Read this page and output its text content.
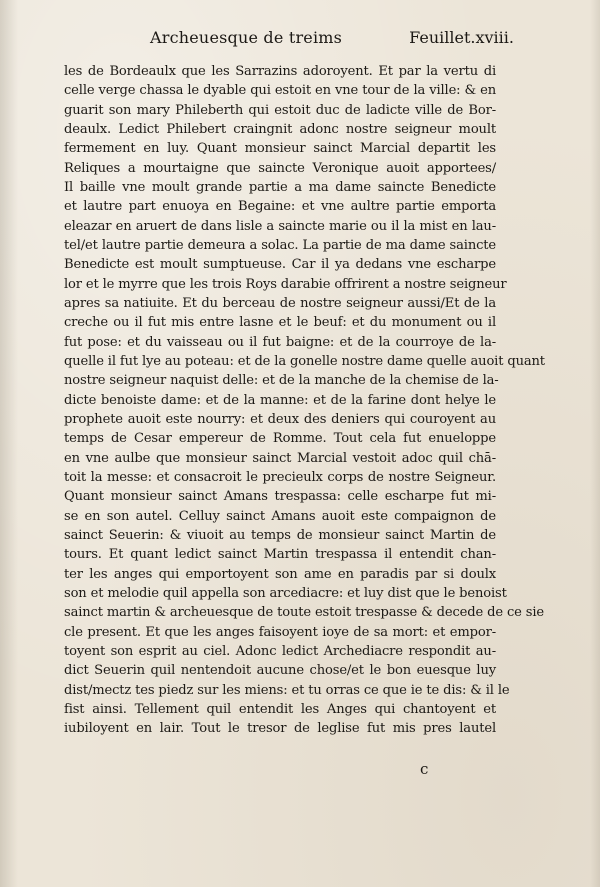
Archeuesque de treims	Feuillet.xviii.
les de Bordeaulx que les Sarrazins adoroyent. Et par la vertu di
celle verge chassa le dyable qui estoit en vne tour de la ville: & en
guarit son mary Phileberth qui estoit duc de ladicte ville de Bor-
deaulx. Ledict Philebert craingnit adonc nostre seigneur moult
fermement en luy. Quant monsieur sainct Marcial departit les
Reliques a mourtaigne que saincte Veronique auoit apportees/
Il baille vne moult grande partie a ma dame saincte Benedicte
et lautre part enuoya en Begaine: et vne aultre partie emporta
eleazar en aruert de dans lisle a saincte marie ou il la mist en lau-
tel/et lautre partie demeura a solac. La partie de ma dame saincte
Benedicte est moult sumptueuse. Car il ya dedans vne escharpe
lor et le myrre que les trois Roys darabie offrirent a nostre seigneur
apres sa natiuite. Et du berceau de nostre seigneur aussi/Et de la
creche ou il fut mis entre lasne et le beuf: et du monument ou il
fut pose: et du vaisseau ou il fut baigne: et de la courroye de la-
quelle il fut lye au poteau: et de la gonelle nostre dame quelle auoit quant
nostre seigneur naquist delle: et de la manche de la chemise de la-
dicte benoiste dame: et de la manne: et de la farine dont helye le
prophete auoit este nourry: et deux des deniers qui couroyent au
temps de Cesar empereur de Romme. Tout cela fut enueloppe
en vne aulbe que monsieur sainct Marcial vestoit adoc quil chā-
toit la messe: et consacroit le precieulx corps de nostre Seigneur.
Quant monsieur sainct Amans trespassa: celle escharpe fut mi-
se en son autel. Celluy sainct Amans auoit este compaignon de
sainct Seuerin: & viuoit au temps de monsieur sainct Martin de
tours. Et quant ledict sainct Martin trespassa il entendit chan-
ter les anges qui emportoyent son ame en paradis par si doulx
son et melodie quil appella son arcediacre: et luy dist que le benoist
sainct martin & archeuesque de toute estoit trespasse & decede de ce sie
cle present. Et que les anges faisoyent ioye de sa mort: et empor-
toyent son esprit au ciel. Adonc ledict Archediacre respondit au-
dict Seuerin quil nentendoit aucune chose/et le bon euesque luy
dist/mectz tes piedz sur les miens: et tu orras ce que ie te dis: & il le
fist ainsi. Tellement quil entendit les Anges qui chantoyent et
iubiloyent en lair. Tout le tresor de leglise fut mis pres lautel
c
